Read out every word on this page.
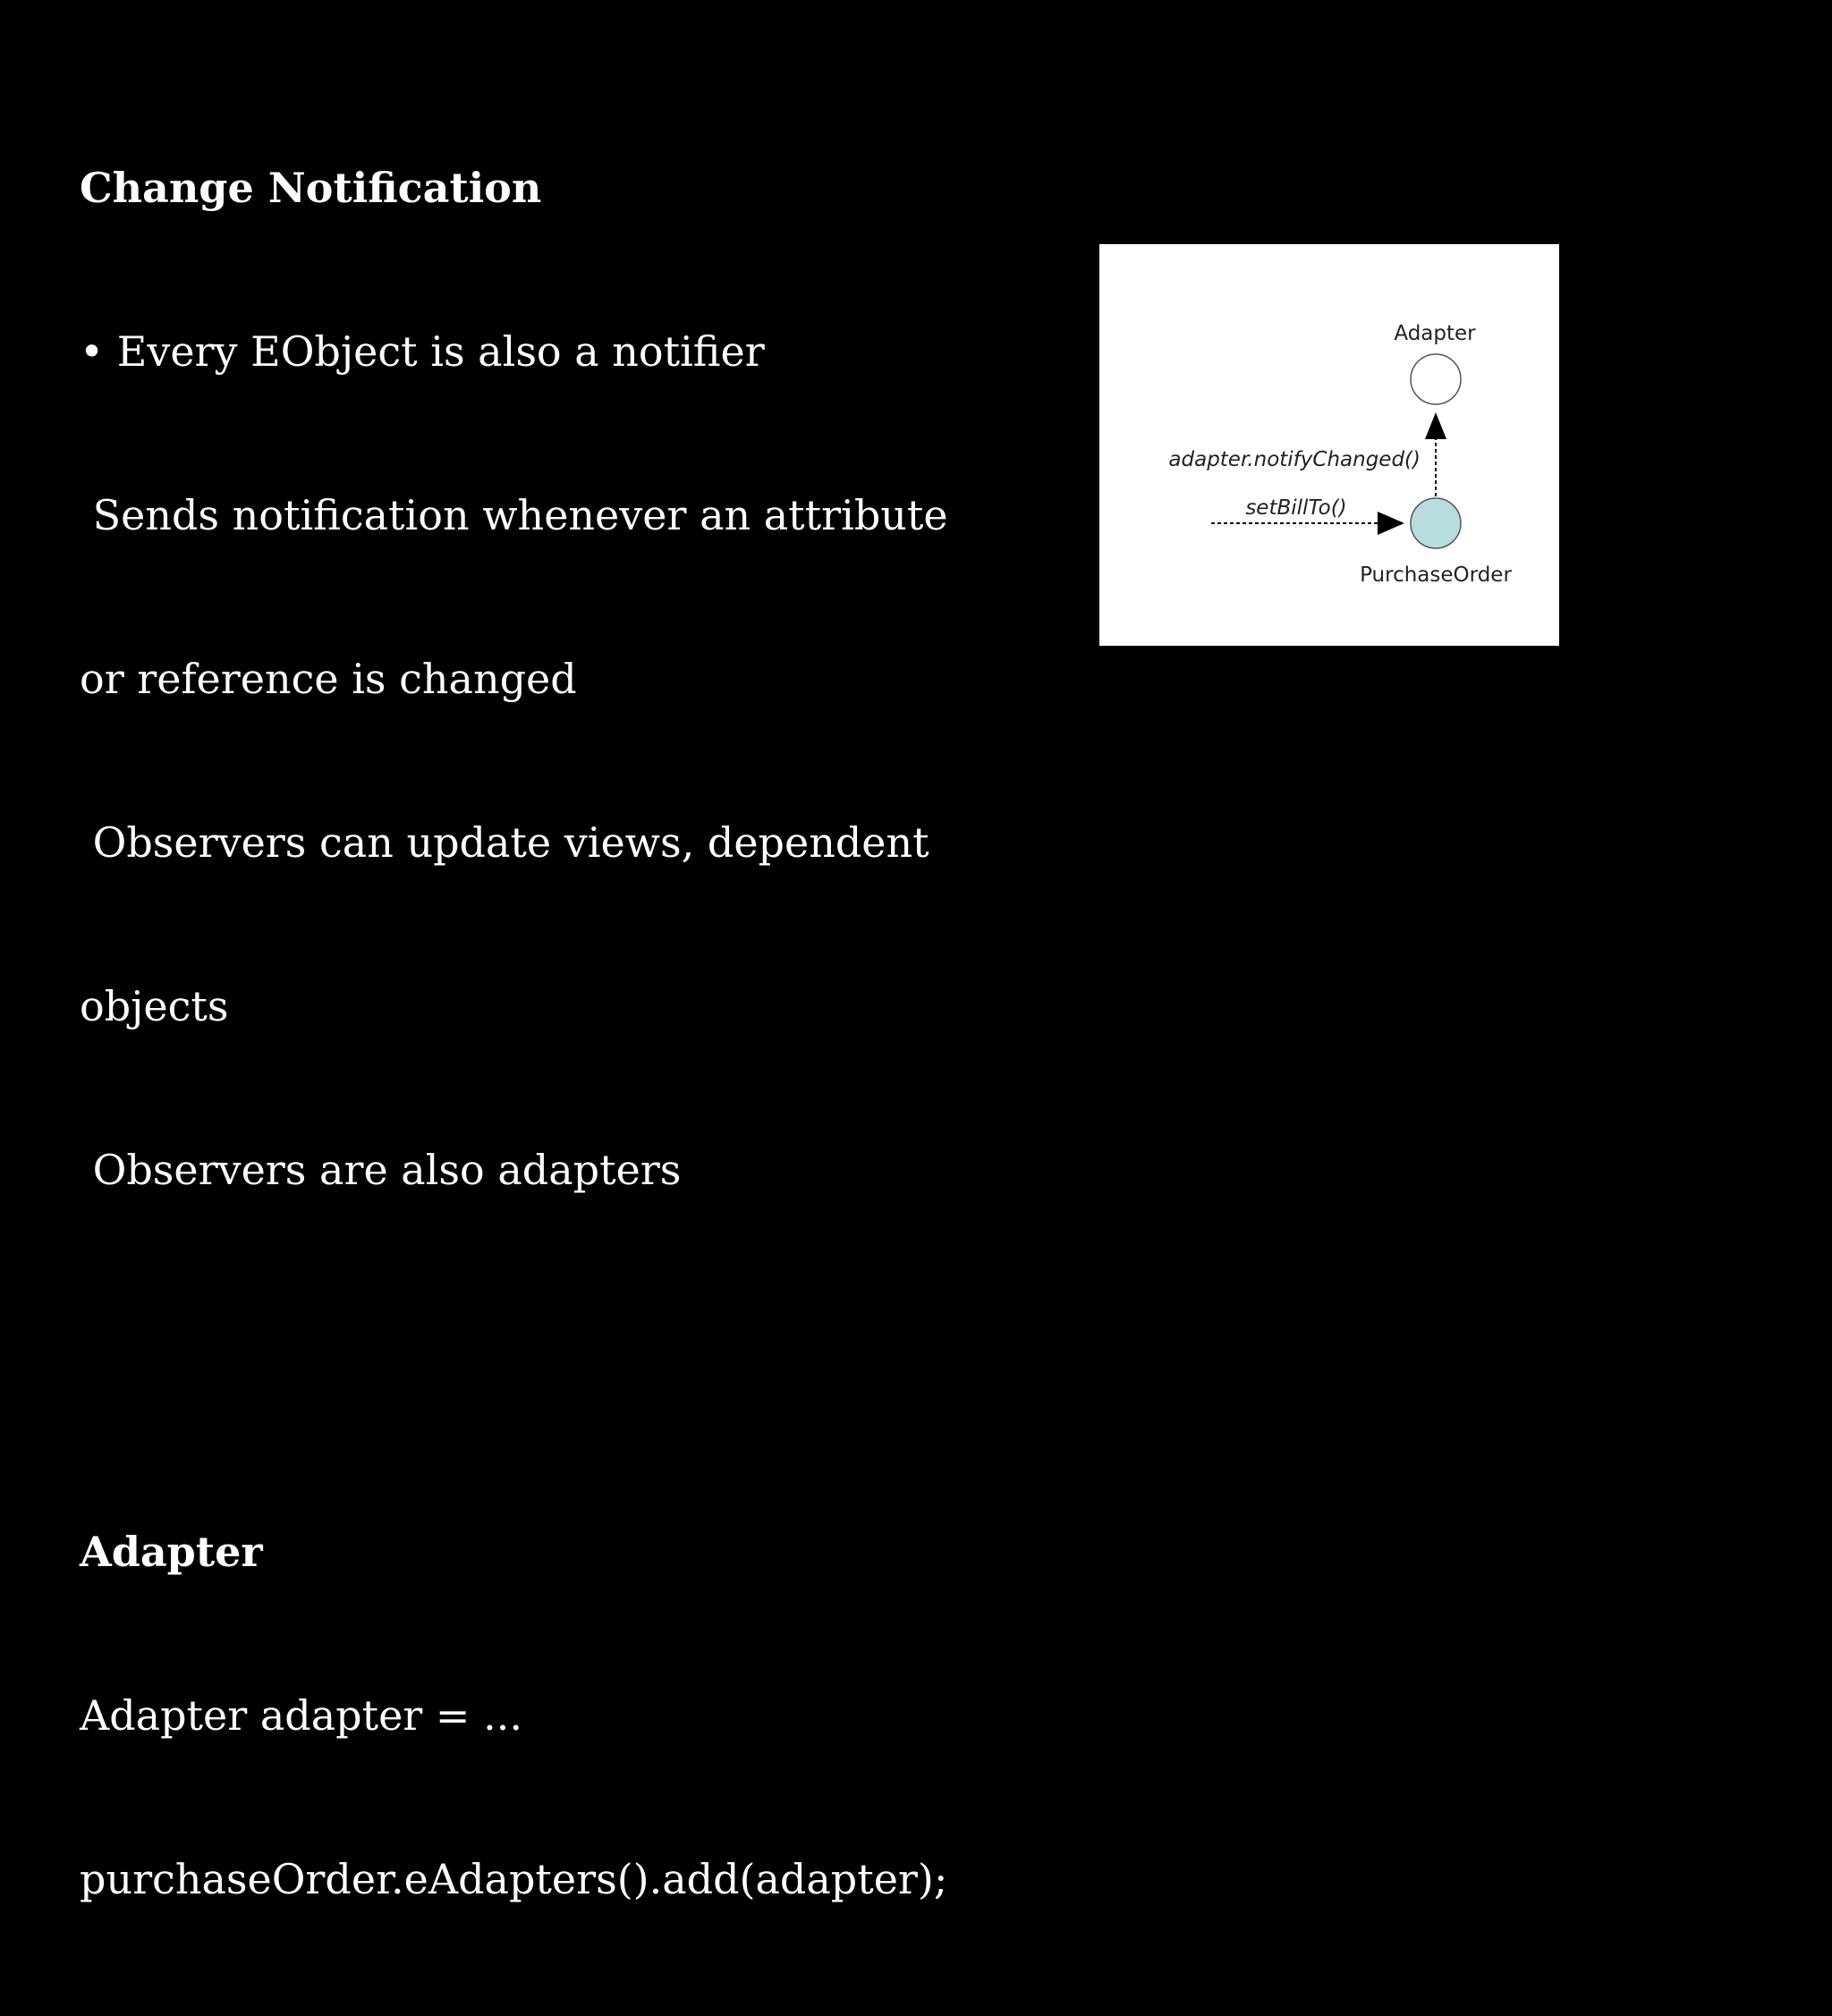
Change Notification

• Every EObject is also a notifier

Sends notification whenever an attribute

or reference is changed

Observers can update views, dependent

objects

Observers are also adapters

Adapter

Adapter adapter = ...

purchaseOrder.eAdapters().add(adapter);

Adapter
adapter.notifyChanged()
setBillTo()
PurchaseOrder
